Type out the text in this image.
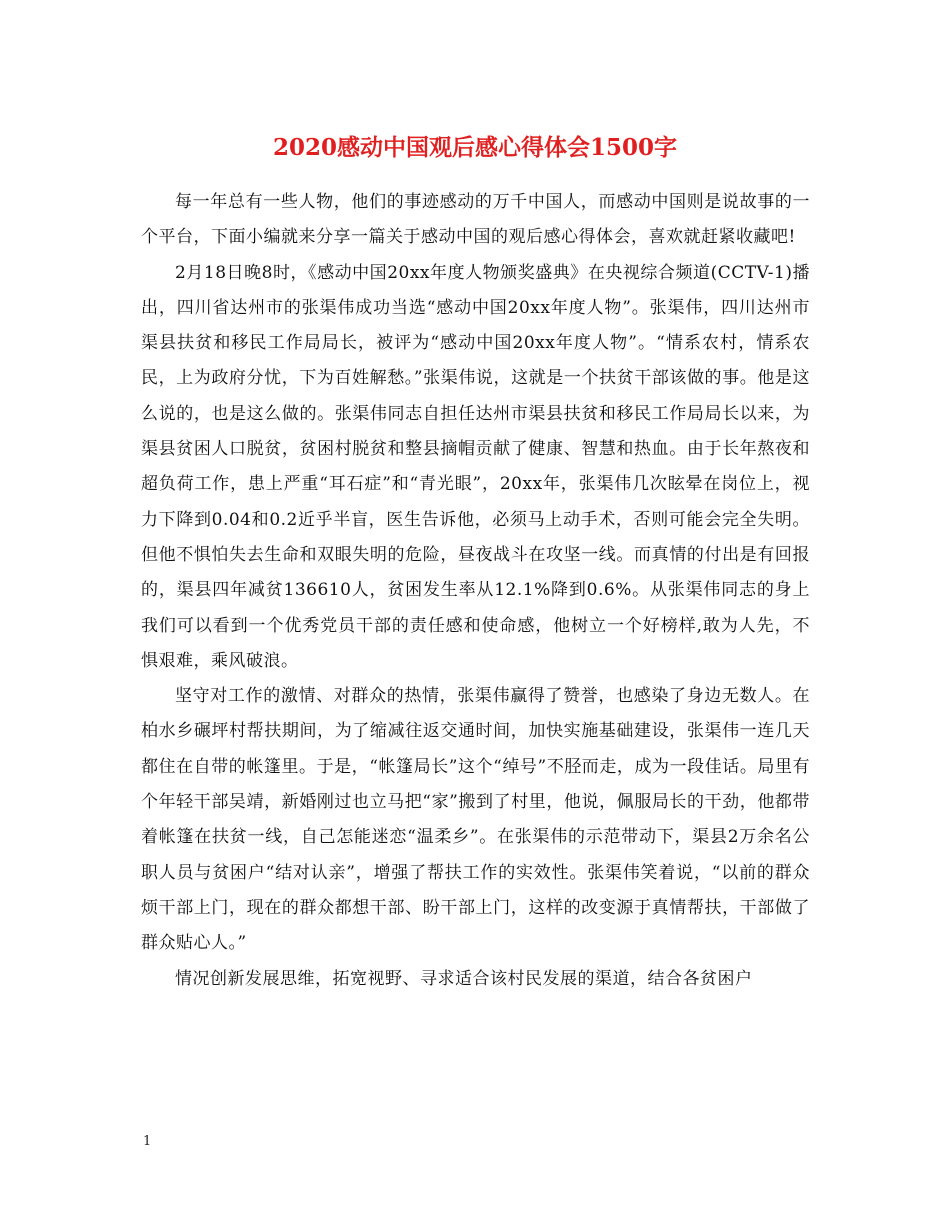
2020感动中国观后感心得体会1500字

每一年总有一些人物，他们的事迹感动的万千中国人，而感动中国则是说故事的一个平台，下面小编就来分享一篇关于感动中国的观后感心得体会，喜欢就赶紧收藏吧!

2月18日晚8时，《感动中国20xx年度人物颁奖盛典》在央视综合频道(CCTV-1)播出，四川省达州市的张渠伟成功当选“感动中国20xx年度人物”。张渠伟，四川达州市渠县扶贫和移民工作局局长，被评为“感动中国20xx年度人物”。“情系农村，情系农民，上为政府分忧，下为百姓解愁。”张渠伟说，这就是一个扶贫干部该做的事。他是这么说的，也是这么做的。张渠伟同志自担任达州市渠县扶贫和移民工作局局长以来，为渠县贫困人口脱贫，贫困村脱贫和整县摘帽贡献了健康、智慧和热血。由于长年熬夜和超负荷工作，患上严重“耳石症”和“青光眼”，20xx年，张渠伟几次眩晕在岗位上，视力下降到0.04和0.2近乎半盲，医生告诉他，必须马上动手术，否则可能会完全失明。但他不惧怕失去生命和双眼失明的危险，昼夜战斗在攻坚一线。而真情的付出是有回报的，渠县四年减贫136610人，贫困发生率从12.1%降到0.6%。从张渠伟同志的身上我们可以看到一个优秀党员干部的责任感和使命感，他树立一个好榜样,敢为人先，不惧艰难，乘风破浪。

坚守对工作的激情、对群众的热情，张渠伟赢得了赞誉，也感染了身边无数人。在柏水乡碾坪村帮扶期间，为了缩减往返交通时间，加快实施基础建设，张渠伟一连几天都住在自带的帐篷里。于是，“帐篷局长”这个“绰号”不胫而走，成为一段佳话。局里有个年轻干部吴靖，新婚刚过也立马把“家”搬到了村里，他说，佩服局长的干劲，他都带着帐篷在扶贫一线，自己怎能迷恋“温柔乡”。在张渠伟的示范带动下，渠县2万余名公职人员与贫困户“结对认亲”，增强了帮扶工作的实效性。张渠伟笑着说，“以前的群众烦干部上门，现在的群众都想干部、盼干部上门，这样的改变源于真情帮扶，干部做了群众贴心人。”

情况创新发展思维，拓宽视野、寻求适合该村民发展的渠道，结合各贫困户

1
